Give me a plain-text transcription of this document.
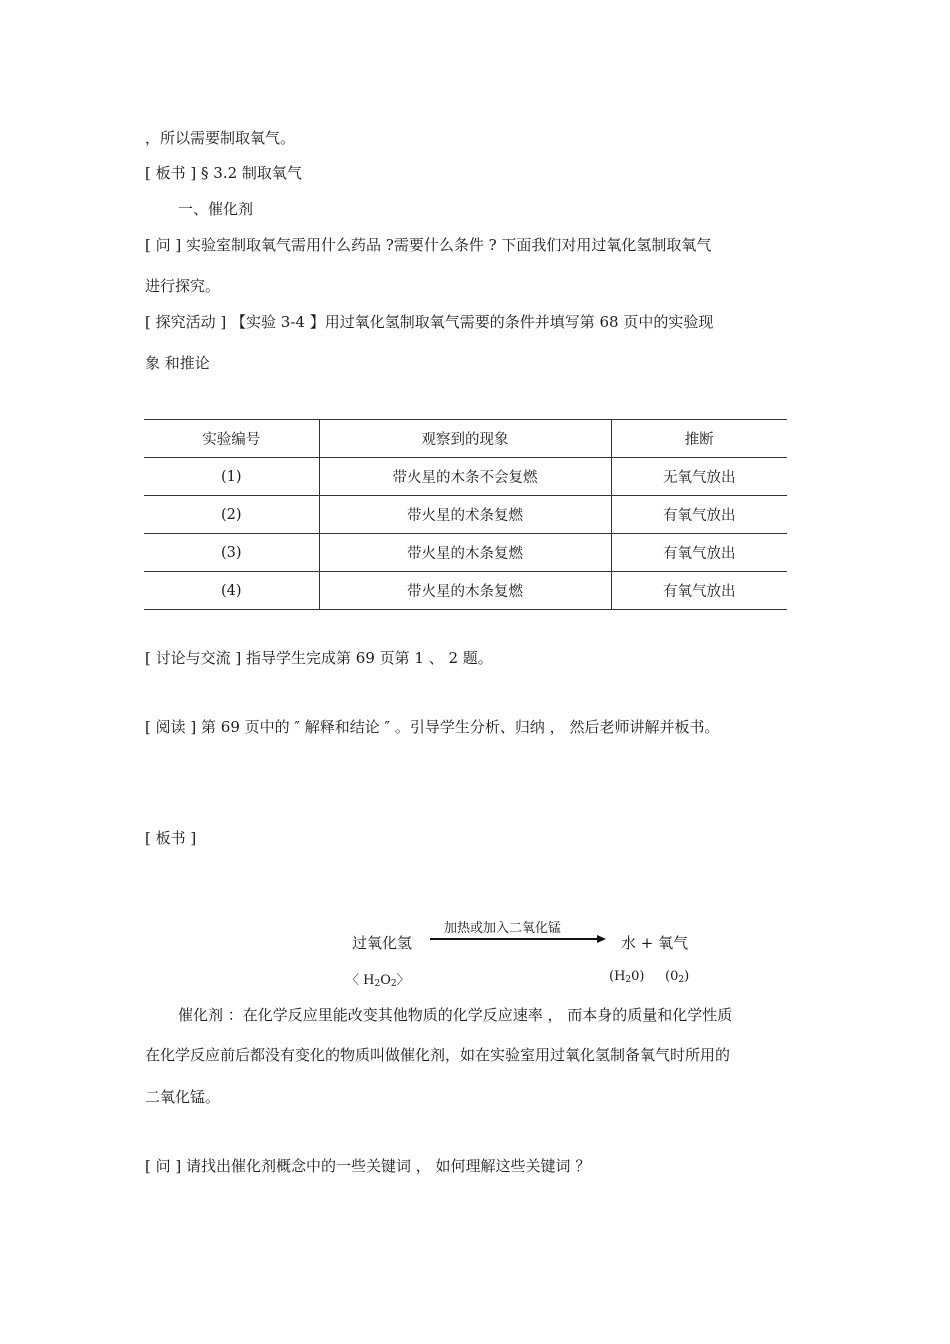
，所以需要制取氧气。
[ 板书 ] § 3.2 制取氧气
一、催化剂
[ 问 ] 实验室制取氧气需用什么药品 ?需要什么条件 ? 下面我们对用过氧化氢制取氧气
进行探究。
[ 探究活动 ] 【实验 3-4 】用过氧化氢制取氧气需要的条件并填写第 68 页中的实验现
象 和推论
实验编号	观察到的现象	推断
(1)	带火星的木条不会复燃	无氧气放出
(2)	带火星的术条复燃	有氧气放出
(3)	带火星的木条复燃	有氧气放出
(4)	带火星的木条复燃	有氧气放出
[ 讨论与交流 ] 指导学生完成第 69 页第 1 、 2 题。
[ 阅读 ] 第 69 页中的 ″ 解释和结论 ″ 。引导学生分析、归纳 ， 然后老师讲解并板书。
[ 板书 ]
加热或加入二氧化锰
过氧化氢	水 + 氧气
〈 $H_2O_2$〉	$(H_20)$ $(0_2)$
催化剂 ：在化学反应里能改变其他物质的化学反应速率 ， 而本身的质量和化学性质
在化学反应前后都没有变化的物质叫做催化剂，如在实验室用过氧化氢制备氧气时所用的
二氧化锰。
[ 问 ] 请找出催化剂概念中的一些关键词 ， 如何理解这些关键词 ？
